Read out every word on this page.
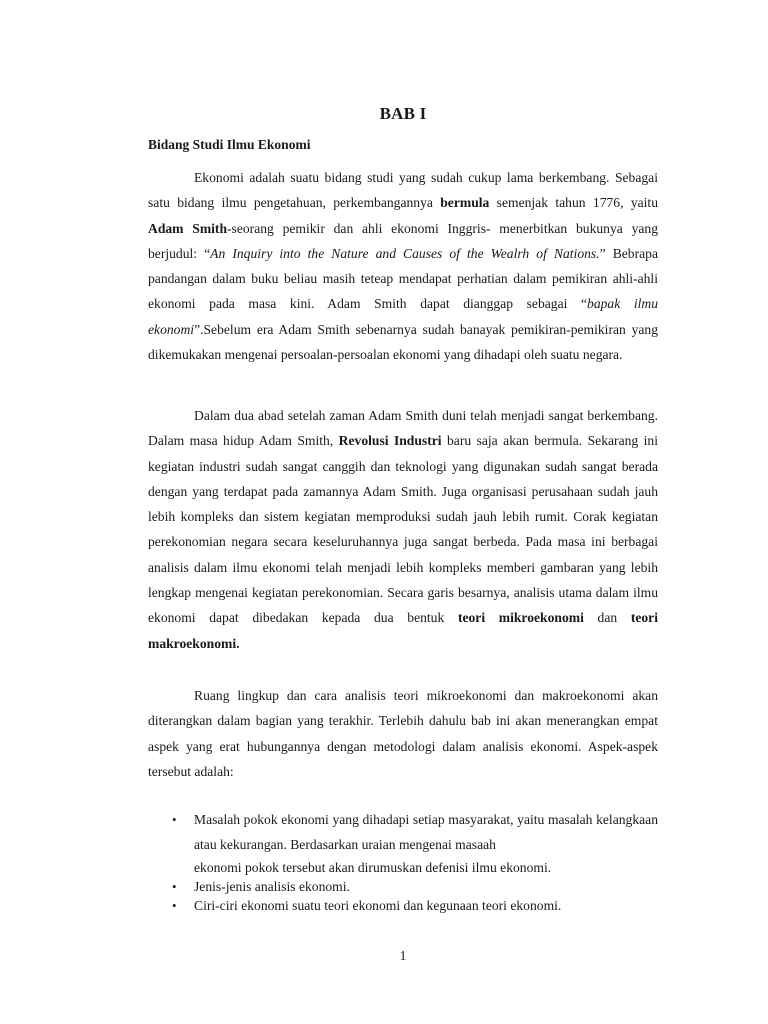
BAB I
Bidang Studi Ilmu Ekonomi

Ekonomi adalah suatu bidang studi yang sudah cukup lama berkembang. Sebagai satu bidang ilmu pengetahuan, perkembangannya bermula semenjak tahun 1776, yaitu Adam Smith-seorang pemikir dan ahli ekonomi Inggris- menerbitkan bukunya yang berjudul: “An Inquiry into the Nature and Causes of the Wealrh of Nations.” Bebrapa pandangan dalam buku beliau masih teteap mendapat perhatian dalam pemikiran ahli-ahli ekonomi pada masa kini. Adam Smith dapat dianggap sebagai “bapak ilmu ekonomi”.Sebelum era Adam Smith sebenarnya sudah banayak pemikiran-pemikiran yang dikemukakan mengenai persoalan-persoalan ekonomi yang dihadapi oleh suatu negara.

Dalam dua abad setelah zaman Adam Smith duni telah menjadi sangat berkembang. Dalam masa hidup Adam Smith, Revolusi Industri baru saja akan bermula. Sekarang ini kegiatan industri sudah sangat canggih dan teknologi yang digunakan sudah sangat berada dengan yang terdapat pada zamannya Adam Smith. Juga organisasi perusahaan sudah jauh lebih kompleks dan sistem kegiatan memproduksi sudah jauh lebih rumit. Corak kegiatan perekonomian negara secara keseluruhannya juga sangat berbeda. Pada masa ini berbagai analisis dalam ilmu ekonomi telah menjadi lebih kompleks memberi gambaran yang lebih lengkap mengenai kegiatan perekonomian. Secara garis besarnya, analisis utama dalam ilmu ekonomi dapat dibedakan kepada dua bentuk teori mikroekonomi dan teori makroekonomi.

Ruang lingkup dan cara analisis teori mikroekonomi dan makroekonomi akan diterangkan dalam bagian yang terakhir. Terlebih dahulu bab ini akan menerangkan empat aspek yang erat hubungannya dengan metodologi dalam analisis ekonomi. Aspek-aspek tersebut adalah:

• Masalah pokok ekonomi yang dihadapi setiap masyarakat, yaitu masalah kelangkaan atau kekurangan. Berdasarkan uraian mengenai masaah
ekonomi pokok tersebut akan dirumuskan defenisi ilmu ekonomi.
• Jenis-jenis analisis ekonomi.
• Ciri-ciri ekonomi suatu teori ekonomi dan kegunaan teori ekonomi.
1
